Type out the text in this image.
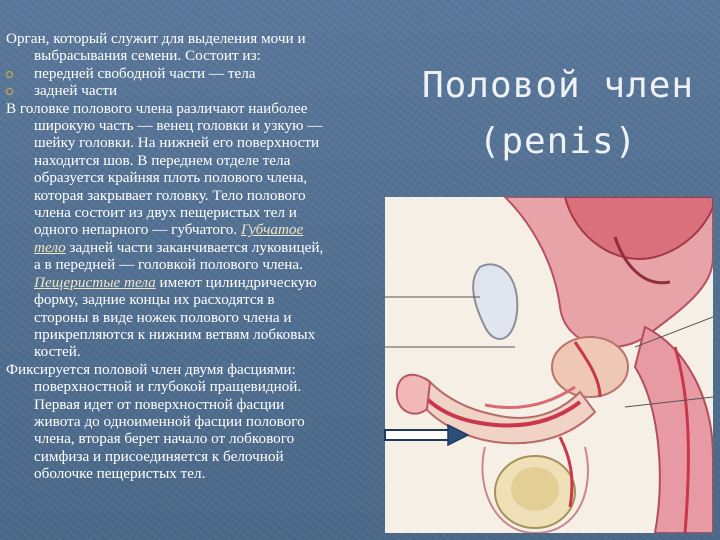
Орган, который служит для выделения мочи и
выбрасывания семени. Состоит из:

передней свободной части — тела

задней части

В головке полового члена различают наиболее
широкую часть — венец головки и узкую —
шейку головки. На нижней его поверхности
находится шов. В переднем отделе тела
образуется крайняя плоть полового члена,
которая закрывает головку. Тело полового
члена состоит из двух пещеристых тел и
одного непарного — губчатого. Губчатое
тело задней части заканчивается луковицей,
а в передней — головкой полового члена.
Пещеристые тела имеют цилиндрическую
форму, задние концы их расходятся в
стороны в виде ножек полового члена и
прикрепляются к нижним ветвям лобковых
костей.

Фиксируется половой член двумя фасциями:
поверхностной и глубокой пращевидной.
Первая идет от поверхностной фасции
живота до одноименной фасции полового
члена, вторая берет начало от лобкового
симфиза и присоединяется к белочной
оболочке пещеристых тел.

Половой член
(penis)
